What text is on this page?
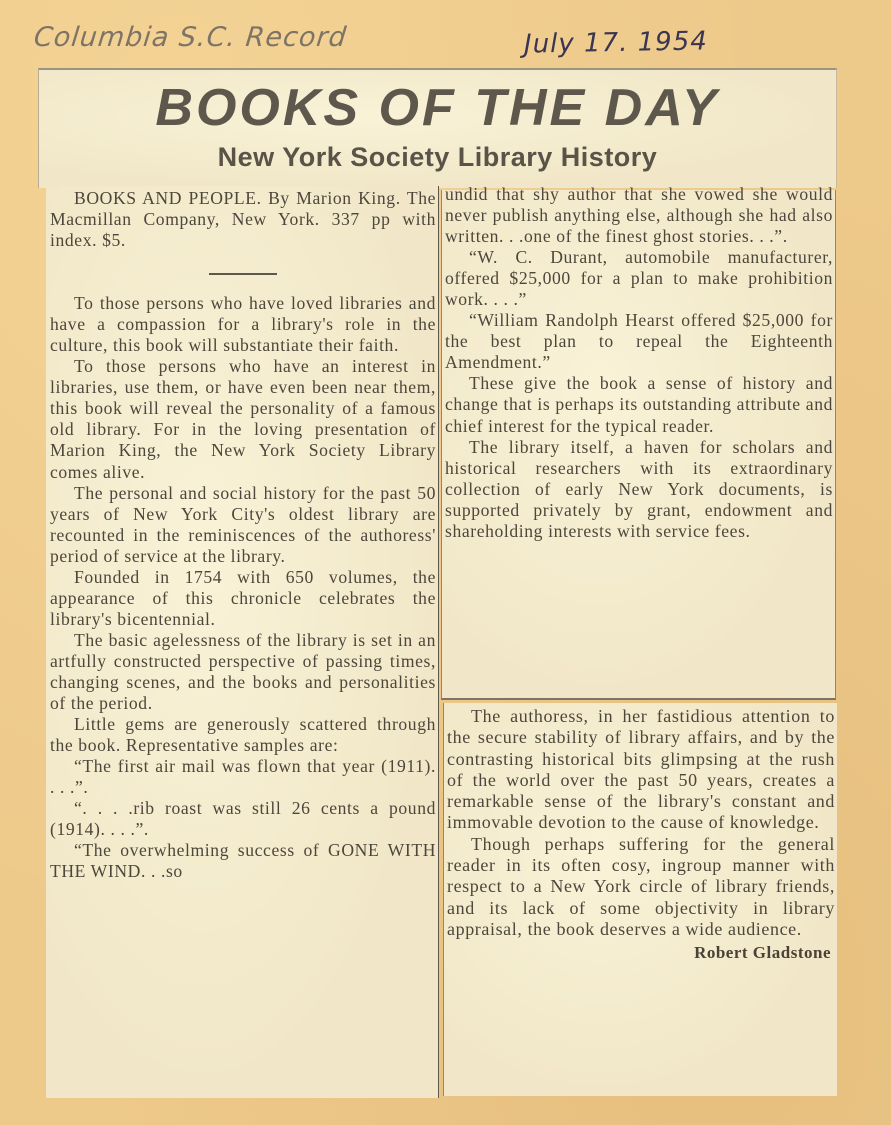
Columbia S.C. Record	July 17. 1954
BOOKS OF THE DAY
New York Society Library History

BOOKS AND PEOPLE. By Marion King. The Macmillan Company, New York. 337 pp with index. $5.

To those persons who have loved libraries and have a compassion for a library's role in the culture, this book will substantiate their faith.

To those persons who have an interest in libraries, use them, or have even been near them, this book will reveal the personality of a famous old library. For in the loving presentation of Marion King, the New York Society Library comes alive.

The personal and social history for the past 50 years of New York City's oldest library are recounted in the reminiscences of the authoress' period of service at the library.

Founded in 1754 with 650 volumes, the appearance of this chronicle celebrates the library's bicentennial.

The basic agelessness of the library is set in an artfully constructed perspective of passing times, changing scenes, and the books and personalities of the period.

Little gems are generously scattered through the book. Representative samples are:

“The first air mail was flown that year (1911). . . .”.

“. . . .rib roast was still 26 cents a pound (1914). . . .”.

“The overwhelming success of GONE WITH THE WIND. . .so

undid that shy author that she vowed she would never publish anything else, although she had also written. . .one of the finest ghost stories. . .”.

“W. C. Durant, automobile manufacturer, offered $25,000 for a plan to make prohibition work. . . .”

“William Randolph Hearst offered $25,000 for the best plan to repeal the Eighteenth Amendment.”

These give the book a sense of history and change that is perhaps its outstanding attribute and chief interest for the typical reader.

The library itself, a haven for scholars and historical researchers with its extraordinary collection of early New York documents, is supported privately by grant, endowment and shareholding interests with service fees.

The authoress, in her fastidious attention to the secure stability of library affairs, and by the contrasting historical bits glimpsing at the rush of the world over the past 50 years, creates a remarkable sense of the library's constant and immovable devotion to the cause of knowledge.

Though perhaps suffering for the general reader in its often cosy, ingroup manner with respect to a New York circle of library friends, and its lack of some objectivity in library appraisal, the book deserves a wide audience.

Robert Gladstone
